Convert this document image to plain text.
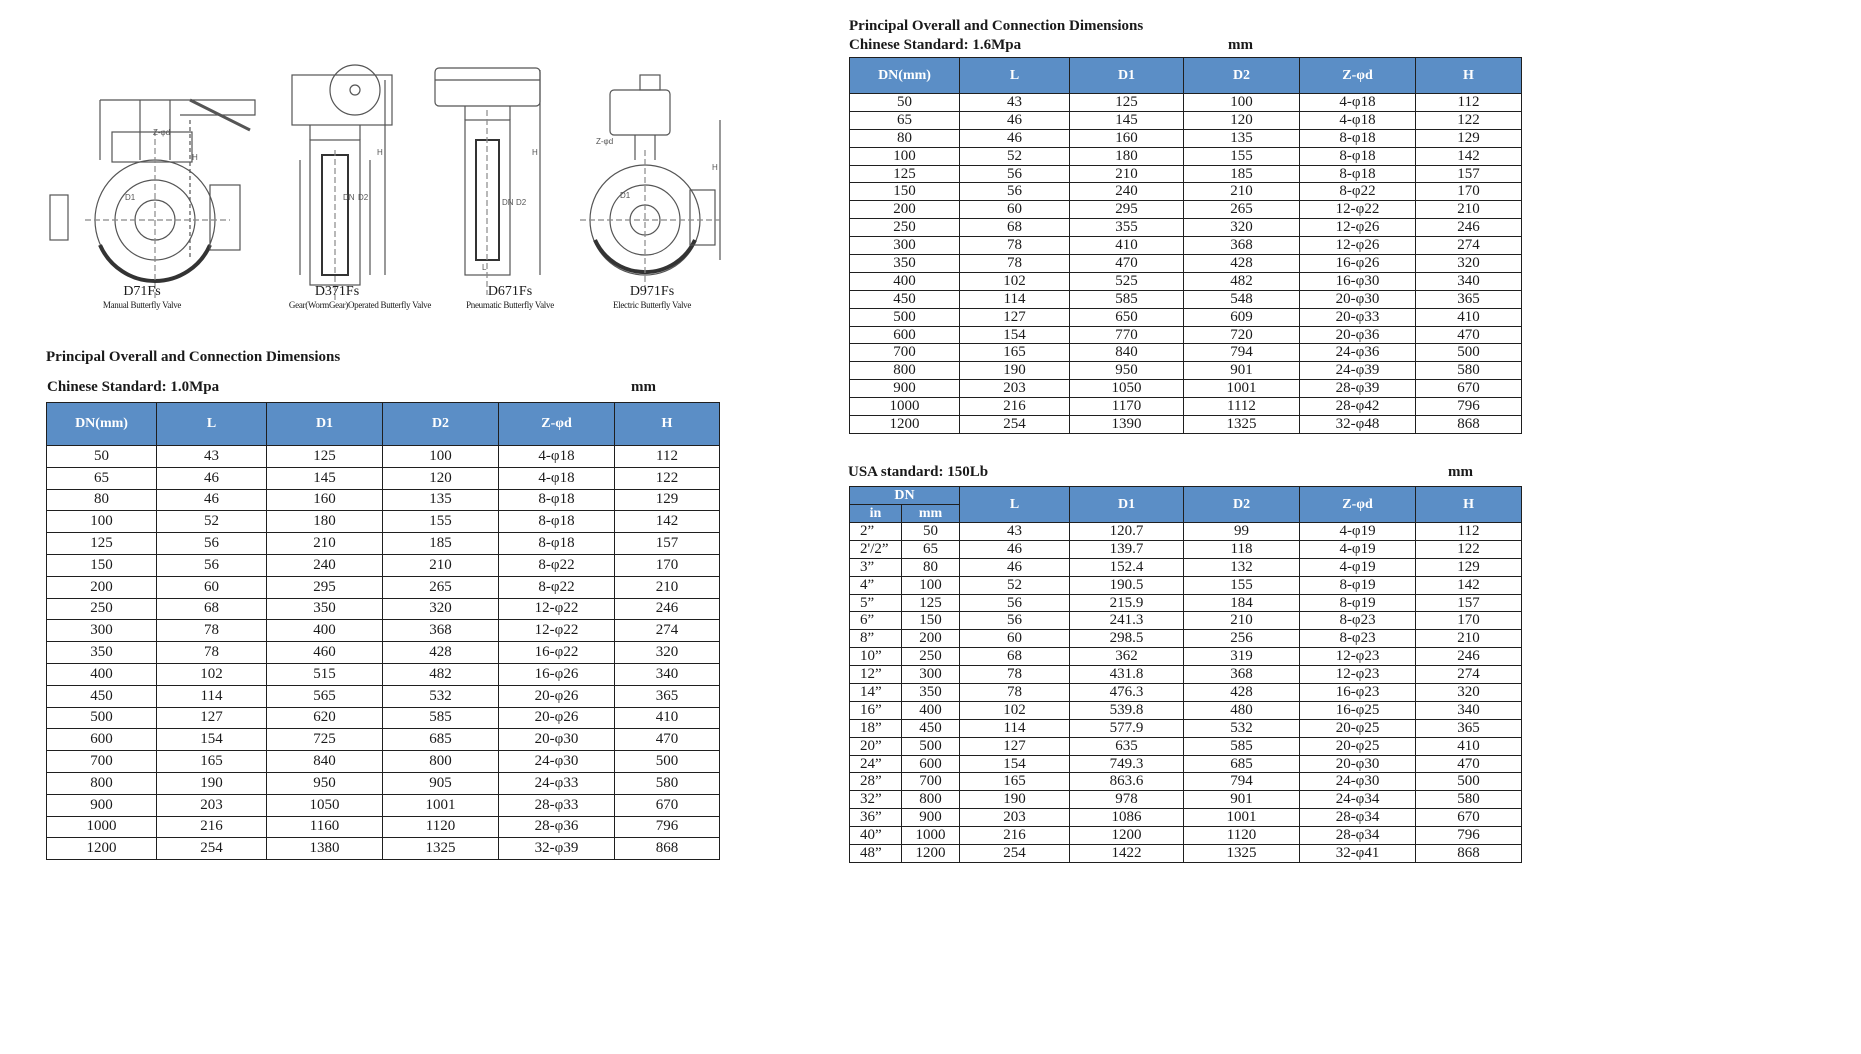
Z-φd
H
D1
H
DN D2
H
DN D2
L
Z-φd
H
D1
D71Fs
Manual Butterfly Valve
D371Fs
Gear(WormGear)Operated Butterfly Valve
D671Fs
Pneumatic Butterfly Valve
D971Fs
Electric Butterfly Valve
Principal Overall and Connection Dimensions
Chinese Standard: 1.0Mpa	mm
DN(mm)	L	D1	D2	Z-φd	H
50	43	125	100	4-φ18	112
65	46	145	120	4-φ18	122
80	46	160	135	8-φ18	129
100	52	180	155	8-φ18	142
125	56	210	185	8-φ18	157
150	56	240	210	8-φ22	170
200	60	295	265	8-φ22	210
250	68	350	320	12-φ22	246
300	78	400	368	12-φ22	274
350	78	460	428	16-φ22	320
400	102	515	482	16-φ26	340
450	114	565	532	20-φ26	365
500	127	620	585	20-φ26	410
600	154	725	685	20-φ30	470
700	165	840	800	24-φ30	500
800	190	950	905	24-φ33	580
900	203	1050	1001	28-φ33	670
1000	216	1160	1120	28-φ36	796
1200	254	1380	1325	32-φ39	868
Principal Overall and Connection Dimensions
Chinese Standard: 1.6Mpa	mm
DN(mm)	L	D1	D2	Z-φd	H
50	43	125	100	4-φ18	112
65	46	145	120	4-φ18	122
80	46	160	135	8-φ18	129
100	52	180	155	8-φ18	142
125	56	210	185	8-φ18	157
150	56	240	210	8-φ22	170
200	60	295	265	12-φ22	210
250	68	355	320	12-φ26	246
300	78	410	368	12-φ26	274
350	78	470	428	16-φ26	320
400	102	525	482	16-φ30	340
450	114	585	548	20-φ30	365
500	127	650	609	20-φ33	410
600	154	770	720	20-φ36	470
700	165	840	794	24-φ36	500
800	190	950	901	24-φ39	580
900	203	1050	1001	28-φ39	670
1000	216	1170	1112	28-φ42	796
1200	254	1390	1325	32-φ48	868
USA standard: 150Lb	mm
DN		L	D1	D2	Z-φd	H
in	mm					
2”	50	43	120.7	99	4-φ19	112
2'/2”	65	46	139.7	118	4-φ19	122
3”	80	46	152.4	132	4-φ19	129
4”	100	52	190.5	155	8-φ19	142
5”	125	56	215.9	184	8-φ19	157
6”	150	56	241.3	210	8-φ23	170
8”	200	60	298.5	256	8-φ23	210
10”	250	68	362	319	12-φ23	246
12”	300	78	431.8	368	12-φ23	274
14”	350	78	476.3	428	16-φ23	320
16”	400	102	539.8	480	16-φ25	340
18”	450	114	577.9	532	20-φ25	365
20”	500	127	635	585	20-φ25	410
24”	600	154	749.3	685	20-φ30	470
28”	700	165	863.6	794	24-φ30	500
32”	800	190	978	901	24-φ34	580
36”	900	203	1086	1001	28-φ34	670
40”	1000	216	1200	1120	28-φ34	796
48”	1200	254	1422	1325	32-φ41	868
